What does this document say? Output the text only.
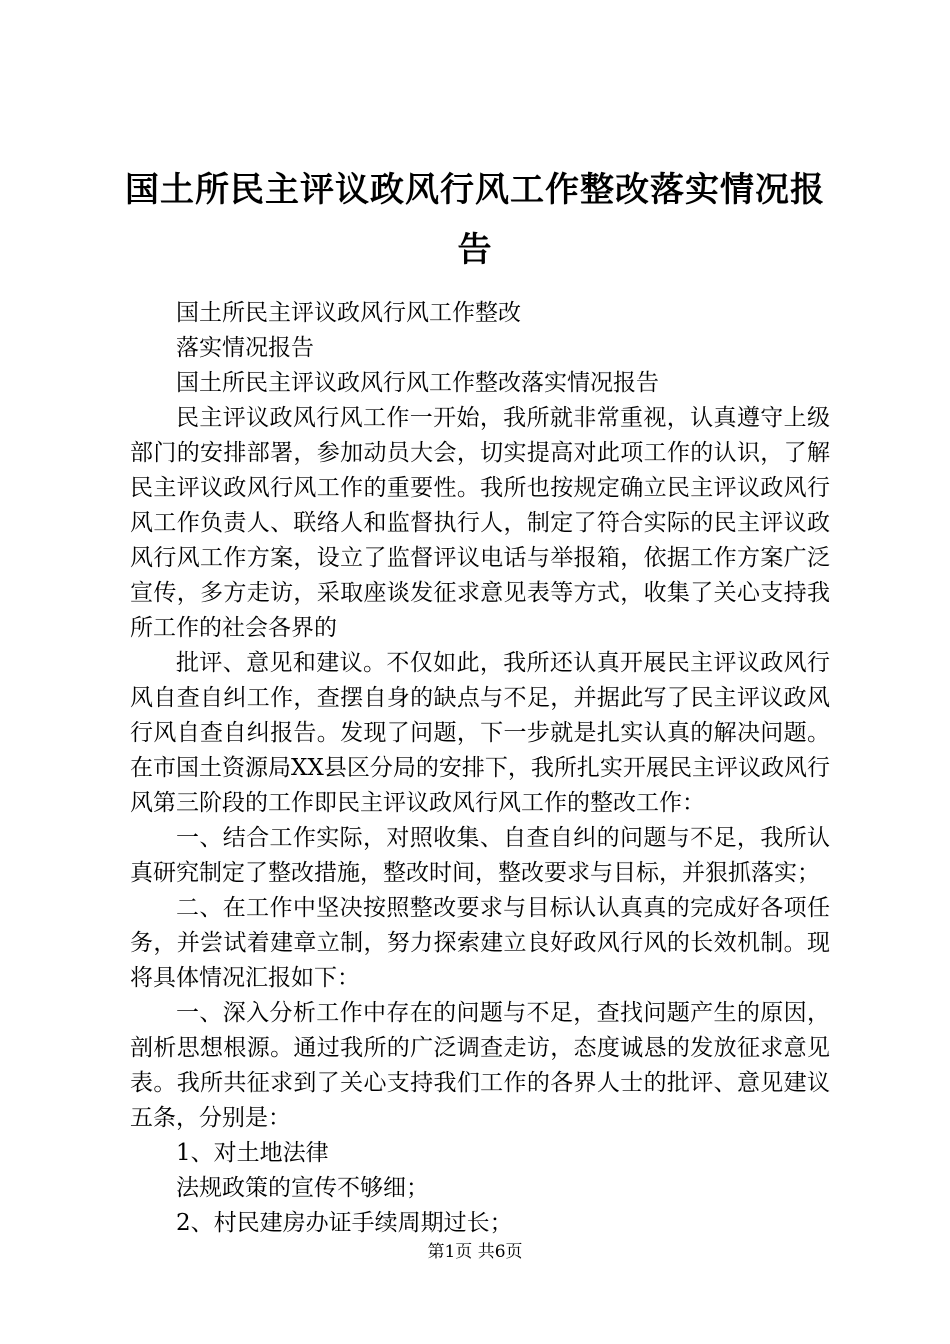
国土所民主评议政风行风工作整改落实情况报告

国土所民主评议政风行风工作整改

落实情况报告

国土所民主评议政风行风工作整改落实情况报告

民主评议政风行风工作一开始，我所就非常重视，认真遵守上级部门的安排部署，参加动员大会，切实提高对此项工作的认识，了解民主评议政风行风工作的重要性。我所也按规定确立民主评议政风行风工作负责人、联络人和监督执行人，制定了符合实际的民主评议政风行风工作方案，设立了监督评议电话与举报箱，依据工作方案广泛宣传，多方走访，采取座谈发征求意见表等方式，收集了关心支持我所工作的社会各界的

批评、意见和建议。不仅如此，我所还认真开展民主评议政风行风自查自纠工作，查摆自身的缺点与不足，并据此写了民主评议政风行风自查自纠报告。发现了问题，下一步就是扎实认真的解决问题。在市国土资源局XX县区分局的安排下，我所扎实开展民主评议政风行风第三阶段的工作即民主评议政风行风工作的整改工作：

一、结合工作实际，对照收集、自查自纠的问题与不足，我所认真研究制定了整改措施，整改时间，整改要求与目标，并狠抓落实；

二、在工作中坚决按照整改要求与目标认认真真的完成好各项任务，并尝试着建章立制，努力探索建立良好政风行风的长效机制。现将具体情况汇报如下：

一、深入分析工作中存在的问题与不足，查找问题产生的原因，剖析思想根源。通过我所的广泛调查走访，态度诚恳的发放征求意见表。我所共征求到了关心支持我们工作的各界人士的批评、意见建议五条，分别是：

1、对土地法律

法规政策的宣传不够细；

2、村民建房办证手续周期过长；

第1页 共6页
